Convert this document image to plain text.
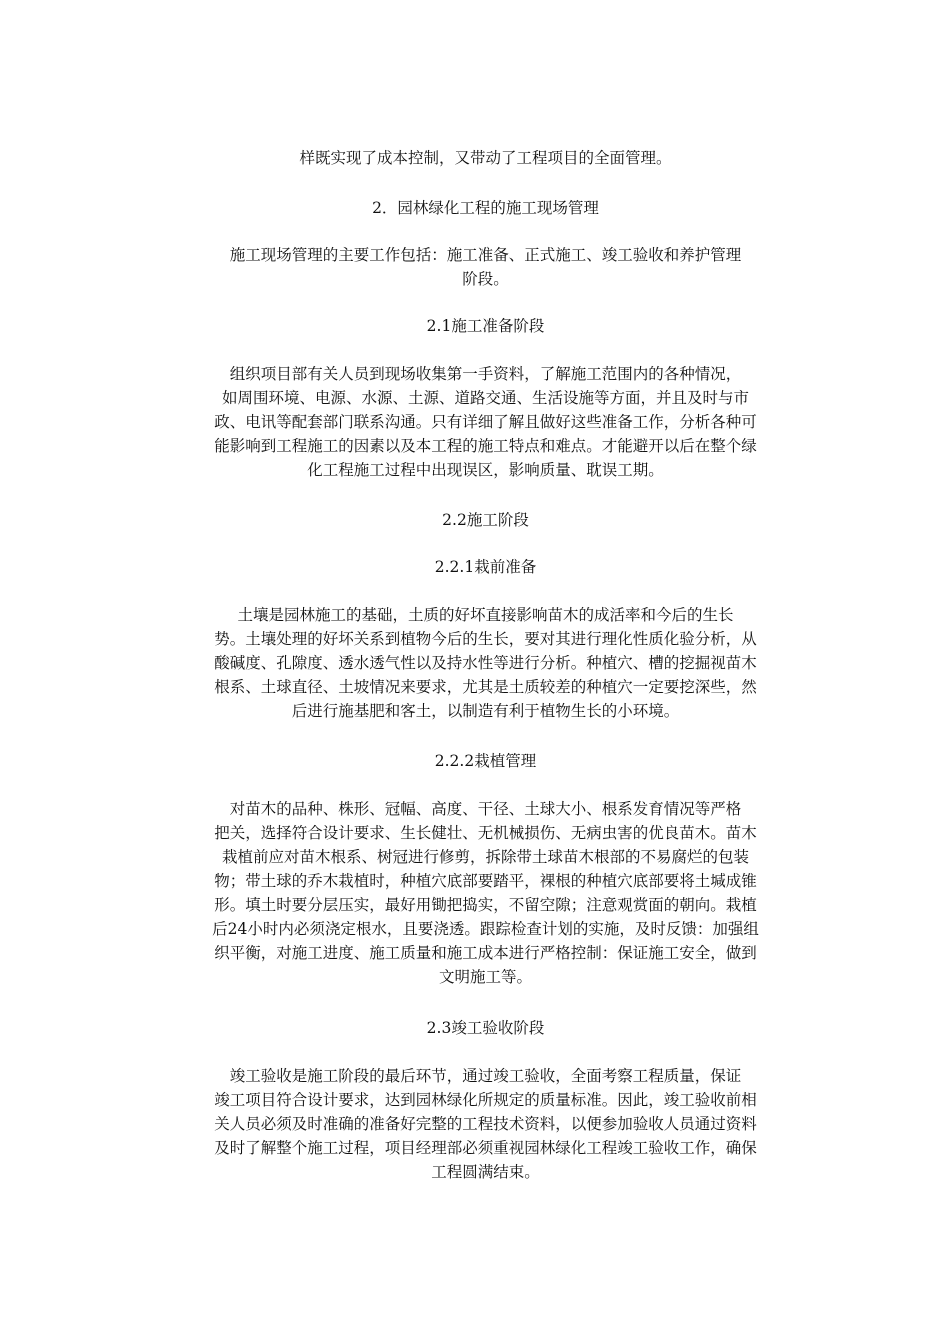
样既实现了成本控制，又带动了工程项目的全面管理。
2．园林绿化工程的施工现场管理
施工现场管理的主要工作包括：施工准备、正式施工、竣工验收和养护管理
阶段。
2.1施工准备阶段
组织项目部有关人员到现场收集第一手资料，了解施工范围内的各种情况，
如周围环境、电源、水源、土源、道路交通、生活设施等方面，并且及时与市
政、电讯等配套部门联系沟通。只有详细了解且做好这些准备工作，分析各种可
能影响到工程施工的因素以及本工程的施工特点和难点。才能避开以后在整个绿
化工程施工过程中出现误区，影响质量、耽误工期。
2.2施工阶段
2.2.1栽前准备
土壤是园林施工的基础，土质的好坏直接影响苗木的成活率和今后的生长
势。土壤处理的好坏关系到植物今后的生长，要对其进行理化性质化验分析，从
酸碱度、孔隙度、透水透气性以及持水性等进行分析。种植穴、槽的挖掘视苗木
根系、土球直径、土坡情况来要求，尤其是土质较差的种植穴一定要挖深些，然
后进行施基肥和客土，以制造有利于植物生长的小环境。
2.2.2栽植管理
对苗木的品种、株形、冠幅、高度、干径、土球大小、根系发育情况等严格
把关，选择符合设计要求、生长健壮、无机械损伤、无病虫害的优良苗木。苗木
栽植前应对苗木根系、树冠进行修剪，拆除带土球苗木根部的不易腐烂的包装
物；带土球的乔木栽植时，种植穴底部要踏平，裸根的种植穴底部要将土堿成锥
形。填土时要分层压实，最好用锄把捣实，不留空隙；注意观赏面的朝向。栽植
后24小时内必须浇定根水，且要浇透。跟踪检查计划的实施，及时反馈：加强组
织平衡，对施工进度、施工质量和施工成本进行严格控制：保证施工安全，做到
文明施工等。
2.3竣工验收阶段
竣工验收是施工阶段的最后环节，通过竣工验收，全面考察工程质量，保证
竣工项目符合设计要求，达到园林绿化所规定的质量标准。因此，竣工验收前相
关人员必须及时准确的准备好完整的工程技术资料，以便参加验收人员通过资料
及时了解整个施工过程，项目经理部必须重视园林绿化工程竣工验收工作，确保
工程圆满结束。
